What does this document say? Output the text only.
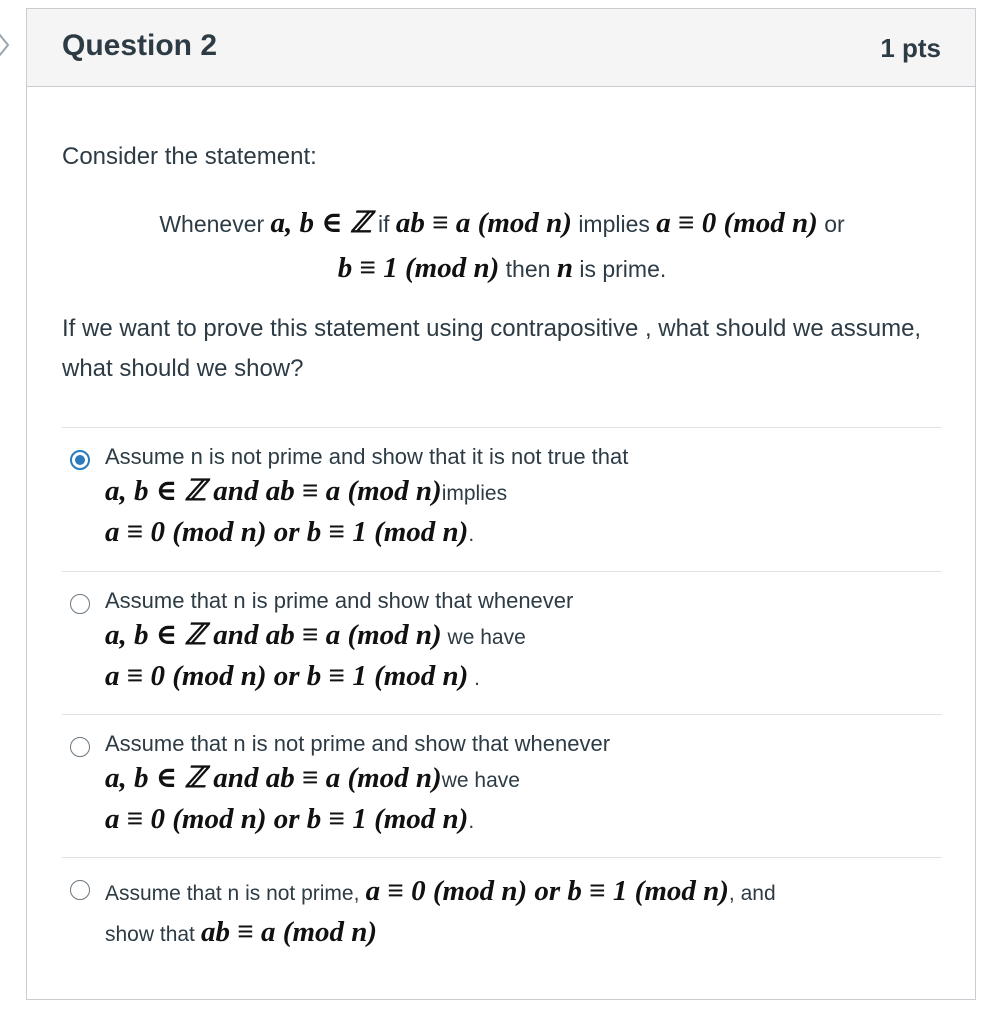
Question 2	1 pts
Consider the statement:
Whenever a, b ∈ ℤ if ab ≡ a (mod n) implies a ≡ 0 (mod n) or
b ≡ 1 (mod n) then n is prime.
If we want to prove this statement using contrapositive , what should we assume, what should we show?
Assume n is not prime and show that it is not true that
a, b ∈ ℤ and ab ≡ a (mod n)implies
a ≡ 0 (mod n) or b ≡ 1 (mod n).
Assume that n is prime and show that whenever
a, b ∈ ℤ and ab ≡ a (mod n) we have
a ≡ 0 (mod n) or b ≡ 1 (mod n) .
Assume that n is not prime and show that whenever
a, b ∈ ℤ and ab ≡ a (mod n)we have
a ≡ 0 (mod n) or b ≡ 1 (mod n).
Assume that n is not prime, a ≡ 0 (mod n) or b ≡ 1 (mod n), and
show that ab ≡ a (mod n)
